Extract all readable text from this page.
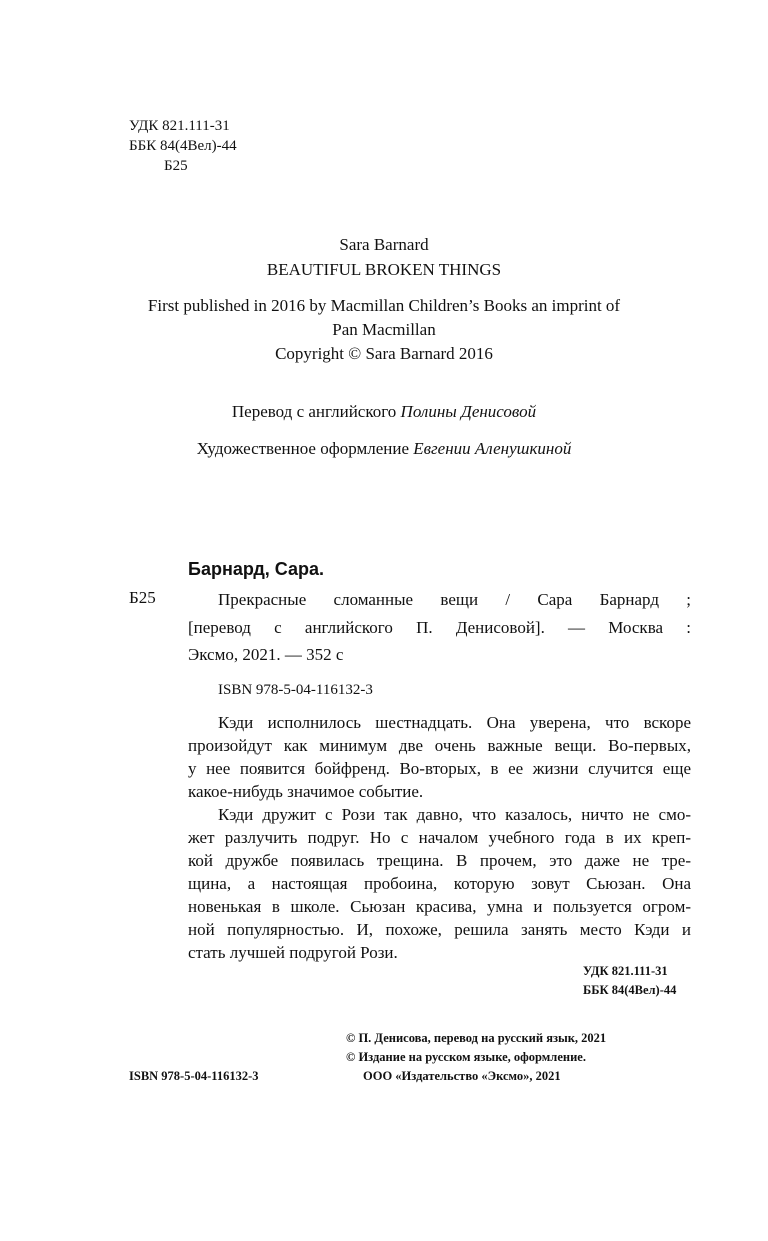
УДК 821.111-31
ББК 84(4Вел)-44
Б25
Sara Barnard
BEAUTIFUL BROKEN THINGS
First published in 2016 by Macmillan Children’s Books an imprint of
Pan Macmillan
Copyright © Sara Barnard 2016
Перевод с английского Полины Денисовой
Художественное оформление Евгении Аленушкиной
Барнард, Сара.
Б25	Прекрасные сломанные вещи / Сара Барнард ;
[перевод с английского П. Денисовой]. — Москва :
Эксмо, 2021. — 352 с
ISBN 978-5-04-116132-3
Кэди исполнилось шестнадцать. Она уверена, что вскоре
произойдут как минимум две очень важные вещи. Во-первых,
у нее появится бойфренд. Во-вторых, в ее жизни случится еще
какое-нибудь значимое событие.
Кэди дружит с Рози так давно, что казалось, ничто не смо-
жет разлучить подруг. Но с началом учебного года в их креп-
кой дружбе появилась трещина. В прочем, это даже не тре-
щина, а настоящая пробоина, которую зовут Сьюзан. Она
новенькая в школе. Сьюзан красива, умна и пользуется огром-
ной популярностью. И, похоже, решила занять место Кэди и
стать лучшей подругой Рози.
УДК 821.111-31
ББК 84(4Вел)-44
© П. Денисова, перевод на русский язык, 2021
© Издание на русском языке, оформление.
ISBN 978-5-04-116132-3	ООО «Издательство «Эксмо», 2021
